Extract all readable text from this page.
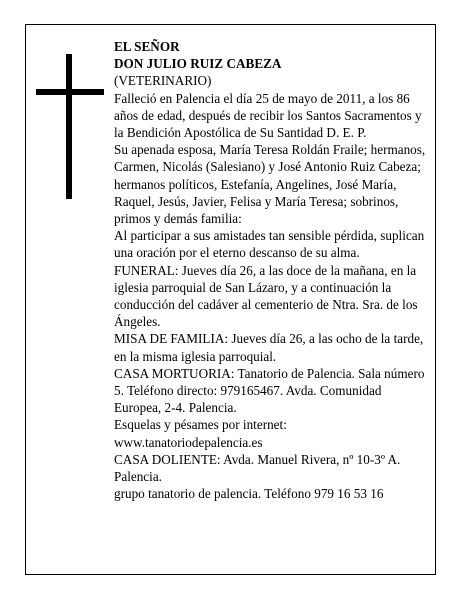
EL SEÑOR

DON JULIO RUIZ CABEZA

(VETERINARIO)

Falleció en Palencia el día 25 de mayo de 2011, a los 86 años de edad, después de recibir los Santos Sacramentos y la Bendición Apostólica de Su Santidad D. E. P.

Su apenada esposa, María Teresa Roldán Fraile; hermanos, Carmen, Nicolás (Salesiano) y José Antonio Ruiz Cabeza; hermanos políticos, Estefanía, Angelines, José María, Raquel, Jesús, Javier, Felisa y María Teresa; sobrinos, primos y demás familia:

Al participar a sus amistades tan sensible pérdida, suplican una oración por el eterno descanso de su alma.

FUNERAL: Jueves día 26, a las doce de la mañana, en la iglesia parroquial de San Lázaro, y a continuación la conducción del cadáver al cementerio de Ntra. Sra. de los Ángeles.

MISA DE FAMILIA: Jueves día 26, a las ocho de la tarde, en la misma iglesia parroquial.

CASA MORTUORIA: Tanatorio de Palencia. Sala número 5. Teléfono directo: 979165467. Avda. Comunidad Europea, 2-4. Palencia.

Esquelas y pésames por internet:

www.tanatoriodepalencia.es

CASA DOLIENTE: Avda. Manuel Rivera, nº 10-3º A. Palencia.

grupo tanatorio de palencia. Teléfono 979 16 53 16
